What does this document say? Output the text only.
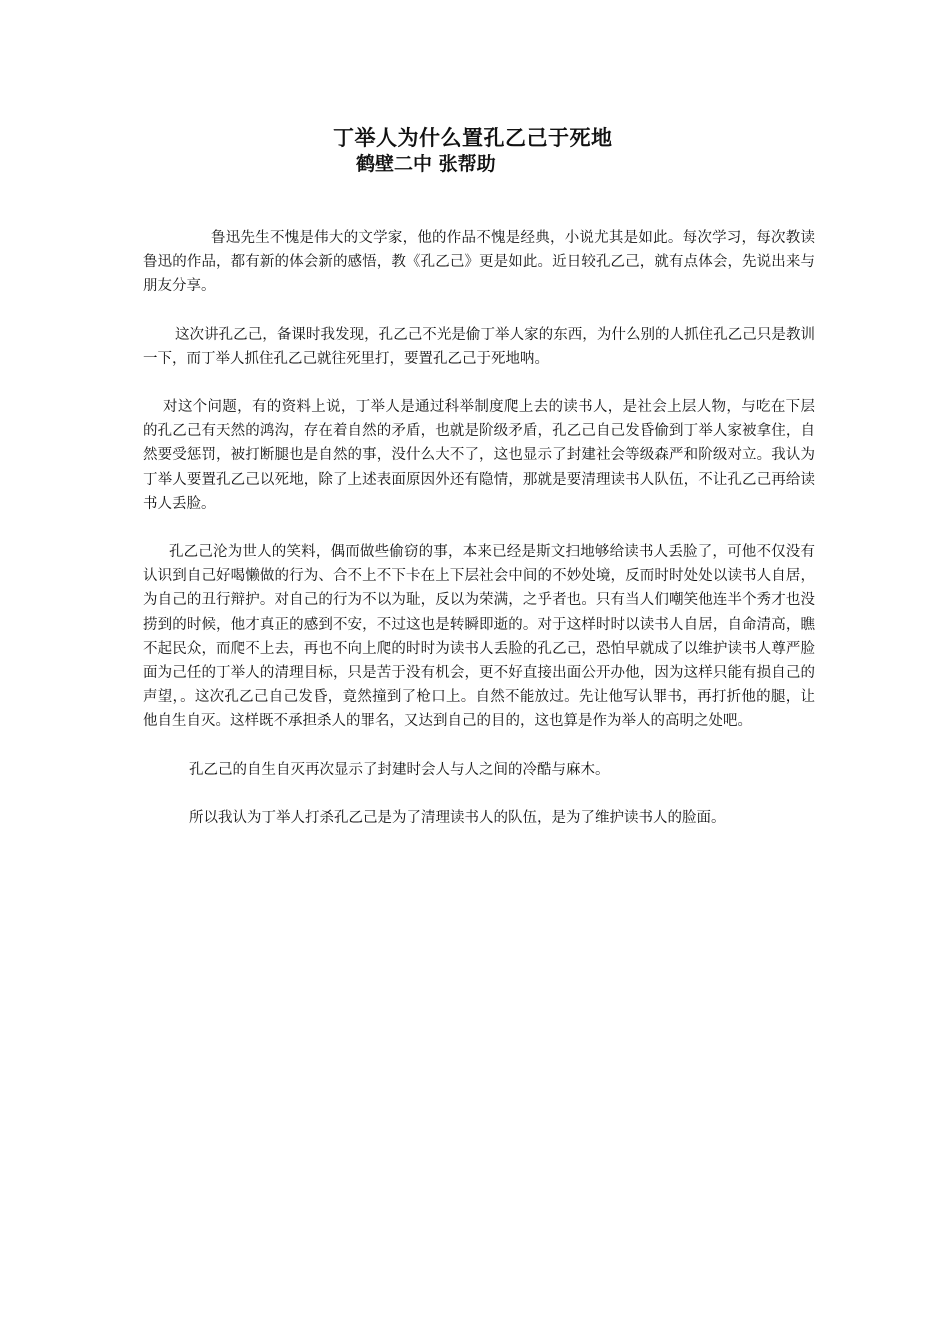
丁举人为什么置孔乙己于死地
鹤壁二中 张帮助

鲁迅先生不愧是伟大的文学家，他的作品不愧是经典，小说尤其是如此。每次学习，每次教读鲁迅的作品，都有新的体会新的感悟，教《孔乙己》更是如此。近日较孔乙己，就有点体会，先说出来与朋友分享。

这次讲孔乙己，备课时我发现，孔乙己不光是偷丁举人家的东西，为什么别的人抓住孔乙己只是教训一下，而丁举人抓住孔乙己就往死里打，要置孔乙己于死地呐。

对这个问题，有的资料上说，丁举人是通过科举制度爬上去的读书人，是社会上层人物，与吃在下层的孔乙己有天然的鸿沟，存在着自然的矛盾，也就是阶级矛盾，孔乙己自己发昏偷到丁举人家被拿住，自然要受惩罚，被打断腿也是自然的事，没什么大不了，这也显示了封建社会等级森严和阶级对立。我认为丁举人要置孔乙己以死地，除了上述表面原因外还有隐情，那就是要清理读书人队伍，不让孔乙己再给读书人丢脸。

孔乙己沦为世人的笑料，偶而做些偷窃的事，本来已经是斯文扫地够给读书人丢脸了，可他不仅没有认识到自己好喝懒做的行为、合不上不下卡在上下层社会中间的不妙处境，反而时时处处以读书人自居，为自己的丑行辩护。对自己的行为不以为耻，反以为荣满，之乎者也。只有当人们嘲笑他连半个秀才也没捞到的时候，他才真正的感到不安，不过这也是转瞬即逝的。对于这样时时以读书人自居，自命清高，瞧不起民众，而爬不上去，再也不向上爬的时时为读书人丢脸的孔乙己，恐怕早就成了以维护读书人尊严脸面为己任的丁举人的清理目标，只是苦于没有机会，更不好直接出面公开办他，因为这样只能有损自己的声望，。这次孔乙己自己发昏，竟然撞到了枪口上。自然不能放过。先让他写认罪书，再打折他的腿，让他自生自灭。这样既不承担杀人的罪名，又达到自己的目的，这也算是作为举人的高明之处吧。

孔乙己的自生自灭再次显示了封建时会人与人之间的冷酷与麻木。

所以我认为丁举人打杀孔乙己是为了清理读书人的队伍，是为了维护读书人的脸面。
